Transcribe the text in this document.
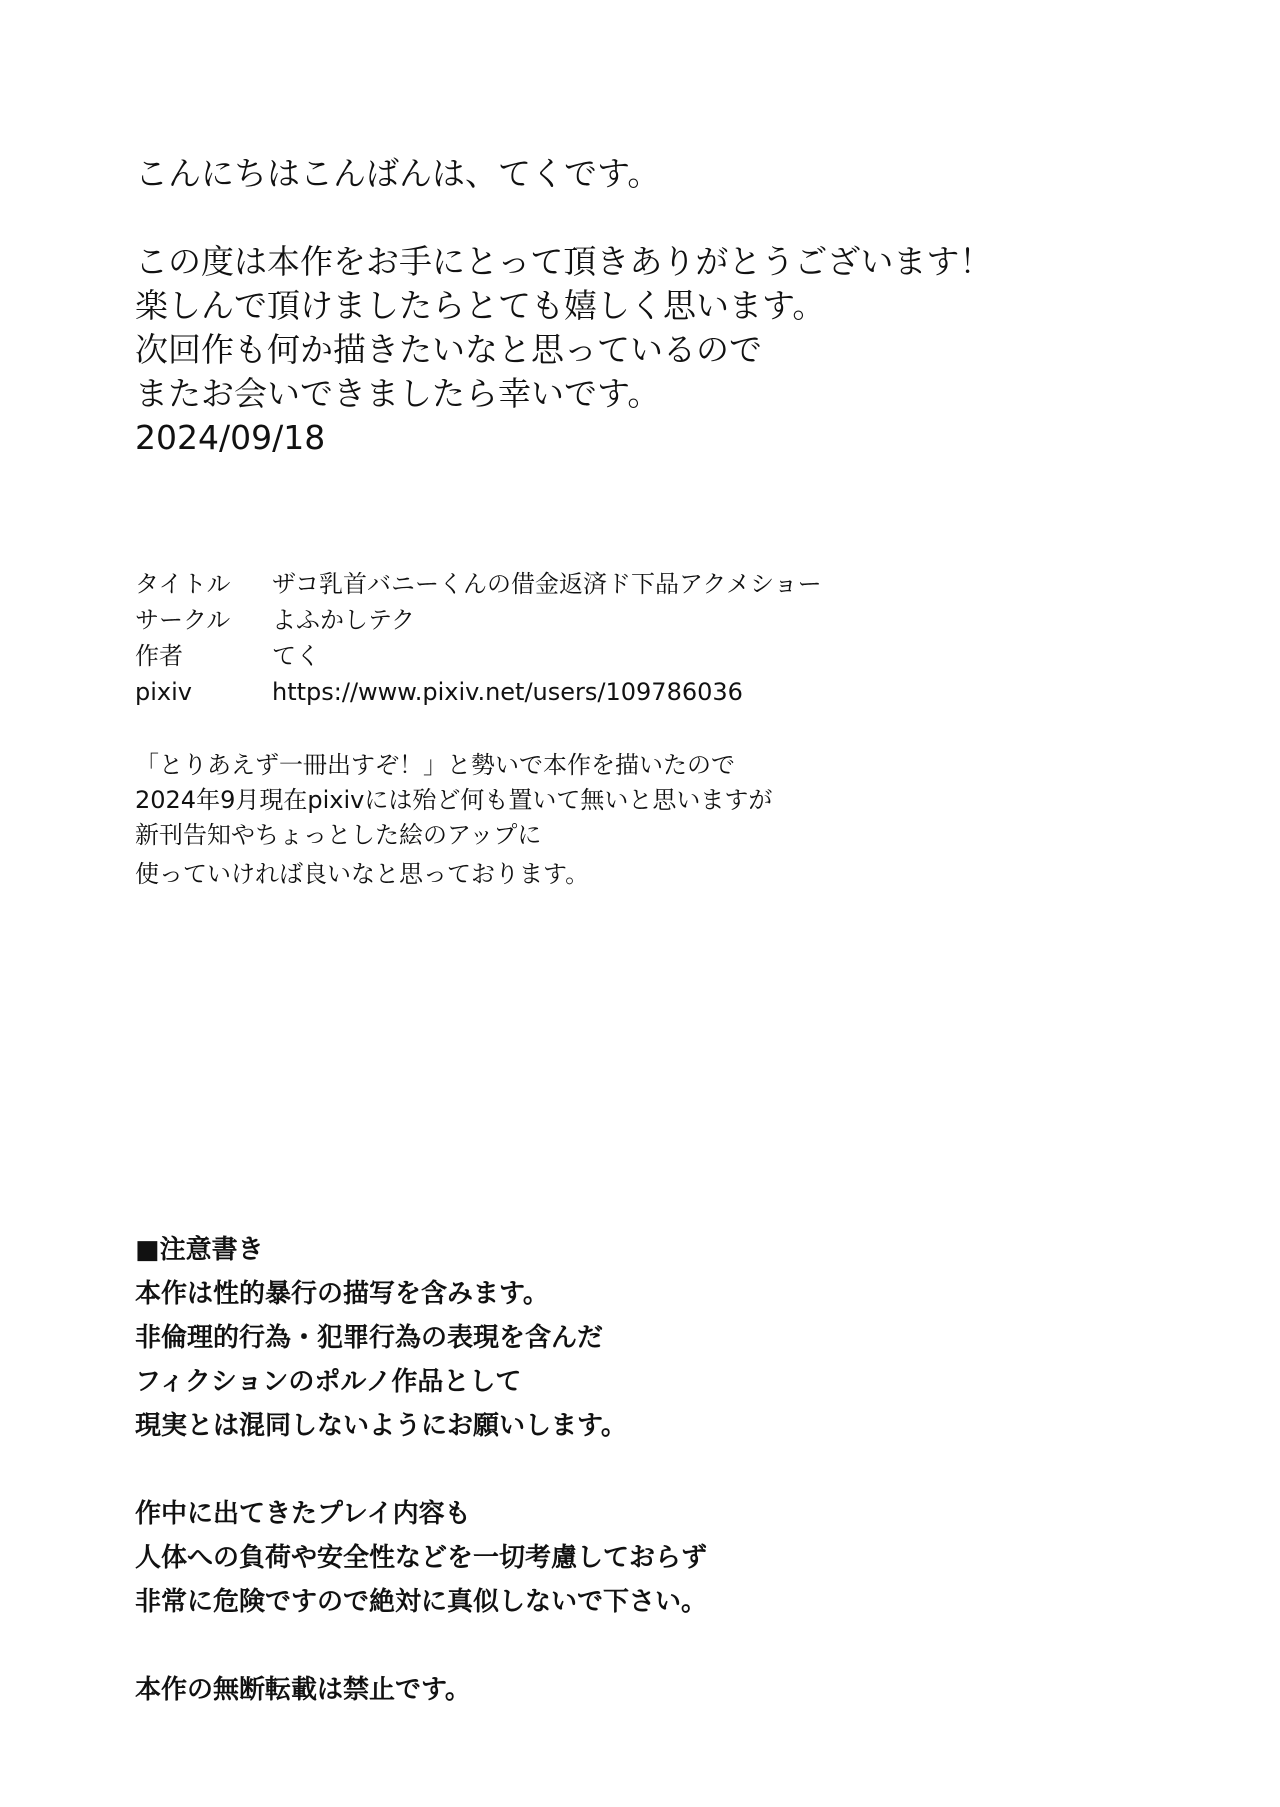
こんにちはこんばんは、てくです。
この度は本作をお手にとって頂きありがとうございます！
楽しんで頂けましたらとても嬉しく思います。
次回作も何か描きたいなと思っているので
またお会いできましたら幸いです。
2024/09/18
タイトル	ザコ乳首バニーくんの借金返済ド下品アクメショー
サークル	よふかしテク
作者	てく
pixiv	https://www.pixiv.net/users/109786036
「とりあえず一冊出すぞ！」と勢いで本作を描いたので
2024年9月現在pixivには殆ど何も置いて無いと思いますが
新刊告知やちょっとした絵のアップに
使っていければ良いなと思っております。
■注意書き
本作は性的暴行の描写を含みます。
非倫理的行為・犯罪行為の表現を含んだ
フィクションのポルノ作品として
現実とは混同しないようにお願いします。
作中に出てきたプレイ内容も
人体への負荷や安全性などを一切考慮しておらず
非常に危険ですので絶対に真似しないで下さい。
本作の無断転載は禁止です。
